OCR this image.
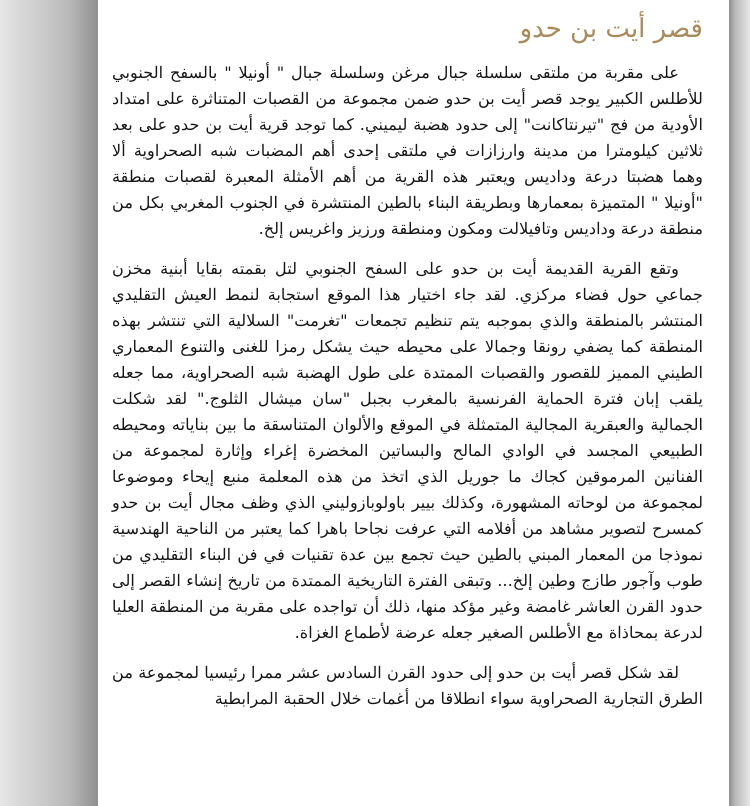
قصر أيت بن حدو

على مقربة من ملتقى سلسلة جبال مرغن وسلسلة جبال " أونيلا " بالسفح الجنوبي للأطلس الكبير يوجد قصر أيت بن حدو ضمن مجموعة من القصبات المتناثرة على امتداد الأودية من فج "تيرنتاكانت" إلى حدود هضبة ليميني. كما توجد قرية أيت بن حدو على بعد ثلاثين كيلومترا من مدينة وارزازات في ملتقى إحدى أهم المضبات شبه الصحراوية ألا وهما هضبتا درعة وداديس ويعتبر هذه القرية من أهم الأمثلة المعبرة لقصبات منطقة "أونيلا " المتميزة بمعمارها وبطريقة البناء بالطين المنتشرة في الجنوب المغربي بكل من منطقة درعة وداديس وتافيلالت ومكون ومنطقة ورزيز واغريس إلخ.

وتقع القرية القديمة أيت بن حدو على السفح الجنوبي لتل بقمته بقايا أبنية مخزن جماعي حول فضاء مركزي. لقد جاء اختيار هذا الموقع استجابة لنمط العيش التقليدي المنتشر بالمنطقة والذي بموجبه يتم تنظيم تجمعات "تغرمت" السلالية التي تنتشر بهذه المنطقة كما يضفي رونقا وجمالا على محيطه حيث يشكل رمزا للغنى والتنوع المعماري الطيني المميز للقصور والقصبات الممتدة على طول الهضبة شبه الصحراوية، مما جعله يلقب إبان فترة الحماية الفرنسية بالمغرب بجبل "سان ميشال الثلوج." لقد شكلت الجمالية والعبقرية المجالية المتمثلة في الموقع والألوان المتناسقة ما بين بناياته ومحيطه الطبيعي المجسد في الوادي المالح والبساتين المخضرة إغراء وإثارة لمجموعة من الفنانين المرموقين كجاك ما جوريل الذي اتخذ من هذه المعلمة منبع إيحاء وموضوعا لمجموعة من لوحاته المشهورة، وكذلك بيير باولوبازوليني الذي وظف مجال أيت بن حدو كمسرح لتصوير مشاهد من أفلامه التي عرفت نجاحا باهرا كما يعتبر من الناحية الهندسية نموذجا من المعمار المبني بالطين حيث تجمع بين عدة تقنيات في فن البناء التقليدي من طوب وآجور طازج وطين إلخ... وتبقى الفترة التاريخية الممتدة من تاريخ إنشاء القصر إلى حدود القرن العاشر غامضة وغير مؤكد منها، ذلك أن تواجده على مقربة من المنطقة العليا لدرعة بمحاذاة مع الأطلس الصغير جعله عرضة لأطماع الغزاة.

لقد شكل قصر أيت بن حدو إلى حدود القرن السادس عشر ممرا رئيسيا لمجموعة من الطرق التجارية الصحراوية سواء انطلاقا من أغمات خلال الحقبة المرابطية
